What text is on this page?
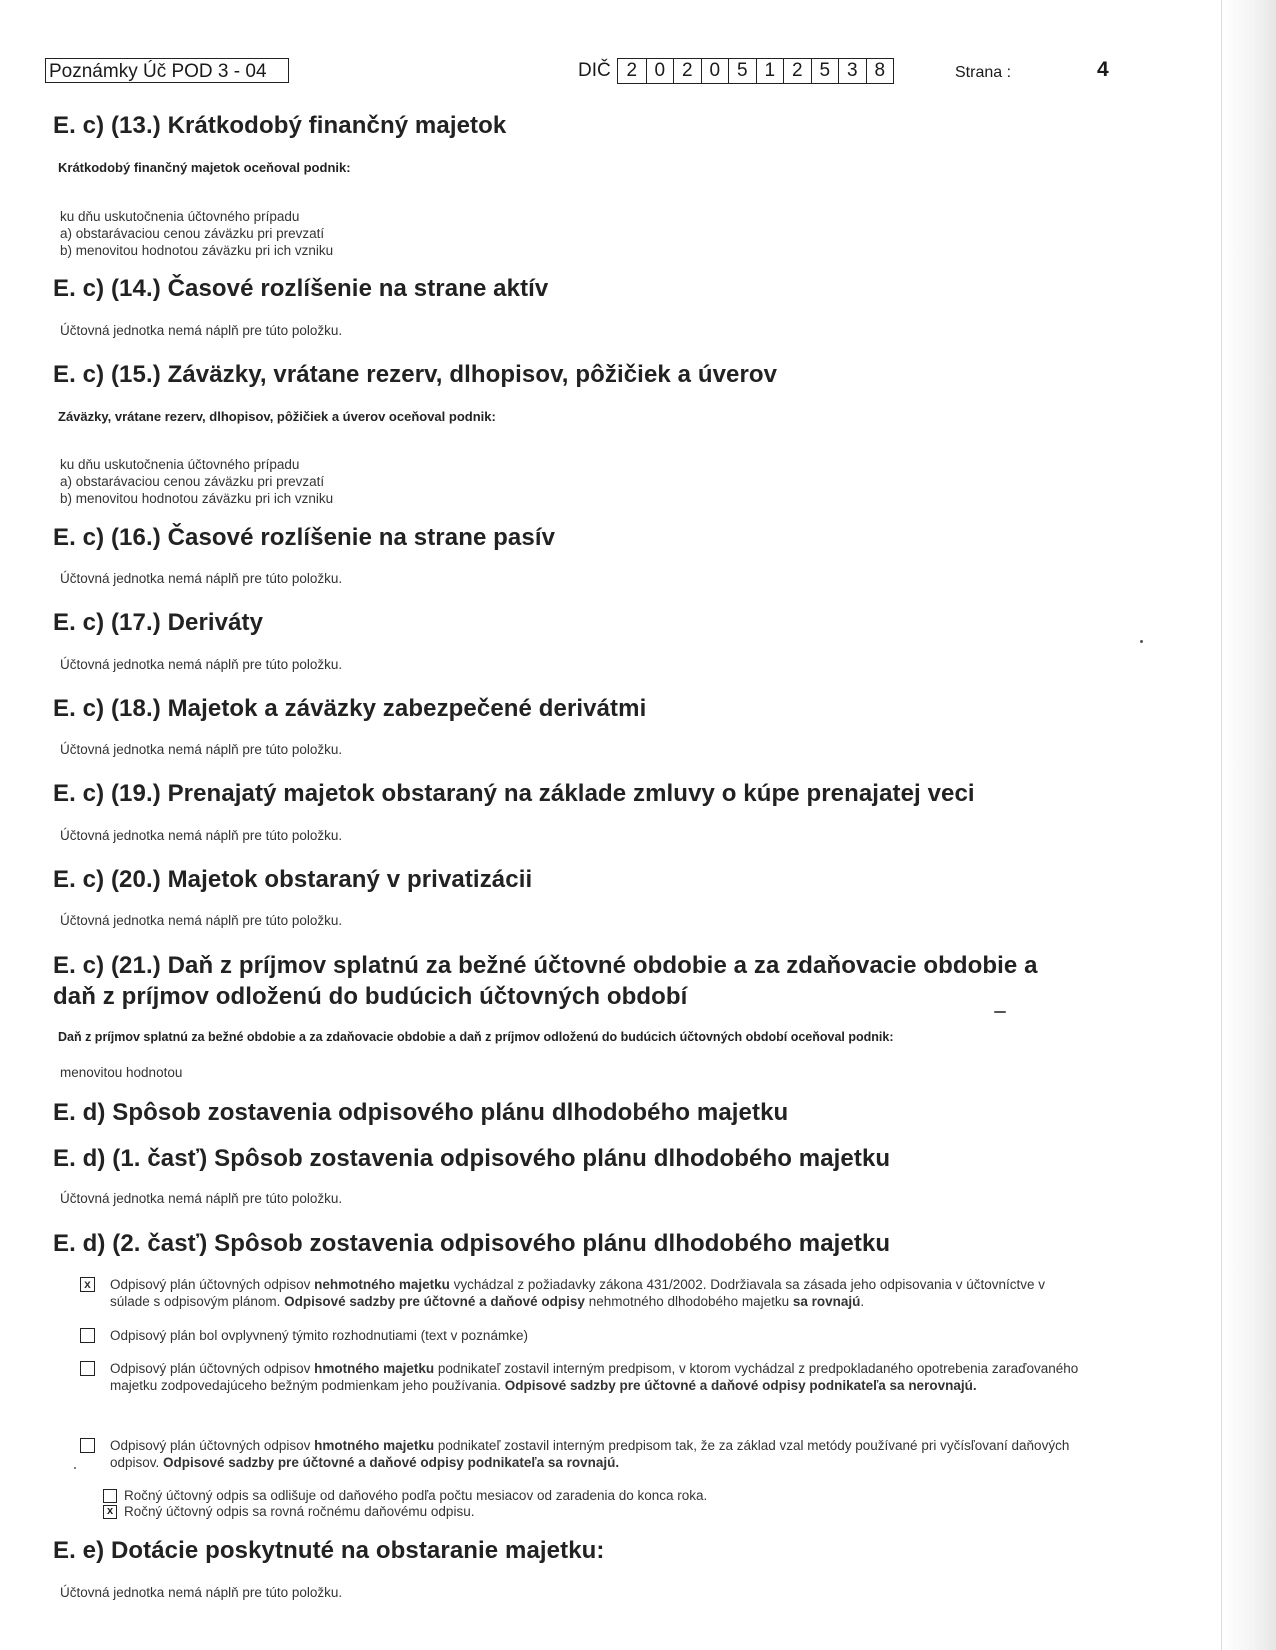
Poznámky Úč POD 3 - 04	DIČ 2 0 2 0 5 1 2 5 3 8	Strana :	4
E. c) (13.) Krátkodobý finančný majetok
Krátkodobý finančný majetok oceňoval podnik:
ku dňu uskutočnenia účtovného prípadu
a) obstarávaciou cenou záväzku pri prevzatí
b) menovitou hodnotou záväzku pri ich vzniku
E. c) (14.) Časové rozlíšenie na strane aktív
Účtovná jednotka nemá náplň pre túto položku.
E. c) (15.) Záväzky, vrátane rezerv, dlhopisov, pôžičiek a úverov
Záväzky, vrátane rezerv, dlhopisov, pôžičiek a úverov oceňoval podnik:
ku dňu uskutočnenia účtovného prípadu
a) obstarávaciou cenou záväzku pri prevzatí
b) menovitou hodnotou záväzku pri ich vzniku
E. c) (16.) Časové rozlíšenie na strane pasív
Účtovná jednotka nemá náplň pre túto položku.
E. c) (17.) Deriváty
Účtovná jednotka nemá náplň pre túto položku.
E. c) (18.) Majetok a záväzky zabezpečené derivátmi
Účtovná jednotka nemá náplň pre túto položku.
E. c) (19.) Prenajatý majetok obstaraný na základe zmluvy o kúpe prenajatej veci
Účtovná jednotka nemá náplň pre túto položku.
E. c) (20.) Majetok obstaraný v privatizácii
Účtovná jednotka nemá náplň pre túto položku.
E. c) (21.) Daň z príjmov splatnú za bežné účtovné obdobie a za zdaňovacie obdobie a
daň z príjmov odloženú do budúcich účtovných období
Daň z príjmov splatnú za bežné obdobie a za zdaňovacie obdobie a daň z príjmov odloženú do budúcich účtovných období oceňoval podnik:
menovitou hodnotou
E. d) Spôsob zostavenia odpisového plánu dlhodobého majetku
E. d) (1. časť) Spôsob zostavenia odpisového plánu dlhodobého majetku
Účtovná jednotka nemá náplň pre túto položku.
E. d) (2. časť) Spôsob zostavenia odpisového plánu dlhodobého majetku
x	Odpisový plán účtovných odpisov nehmotného majetku vychádzal z požiadavky zákona 431/2002. Dodržiavala sa zásada jeho odpisovania v účtovníctve v súlade s odpisovým plánom. Odpisové sadzby pre účtovné a daňové odpisy nehmotného dlhodobého majetku sa rovnajú.
Odpisový plán bol ovplyvnený týmito rozhodnutiami (text v poznámke)
Odpisový plán účtovných odpisov hmotného majetku podnikateľ zostavil interným predpisom, v ktorom vychádzal z predpokladaného opotrebenia zaraďovaného majetku zodpovedajúceho bežným podmienkam jeho používania. Odpisové sadzby pre účtovné a daňové odpisy podnikateľa sa nerovnajú.
Odpisový plán účtovných odpisov hmotného majetku podnikateľ zostavil interným predpisom tak, že za základ vzal metódy používané pri vyčísľovaní daňových odpisov. Odpisové sadzby pre účtovné a daňové odpisy podnikateľa sa rovnajú.
Ročný účtovný odpis sa odlišuje od daňového podľa počtu mesiacov od zaradenia do konca roka.
x Ročný účtovný odpis sa rovná ročnému daňovému odpisu.
E. e) Dotácie poskytnuté na obstaranie majetku:
Účtovná jednotka nemá náplň pre túto položku.
